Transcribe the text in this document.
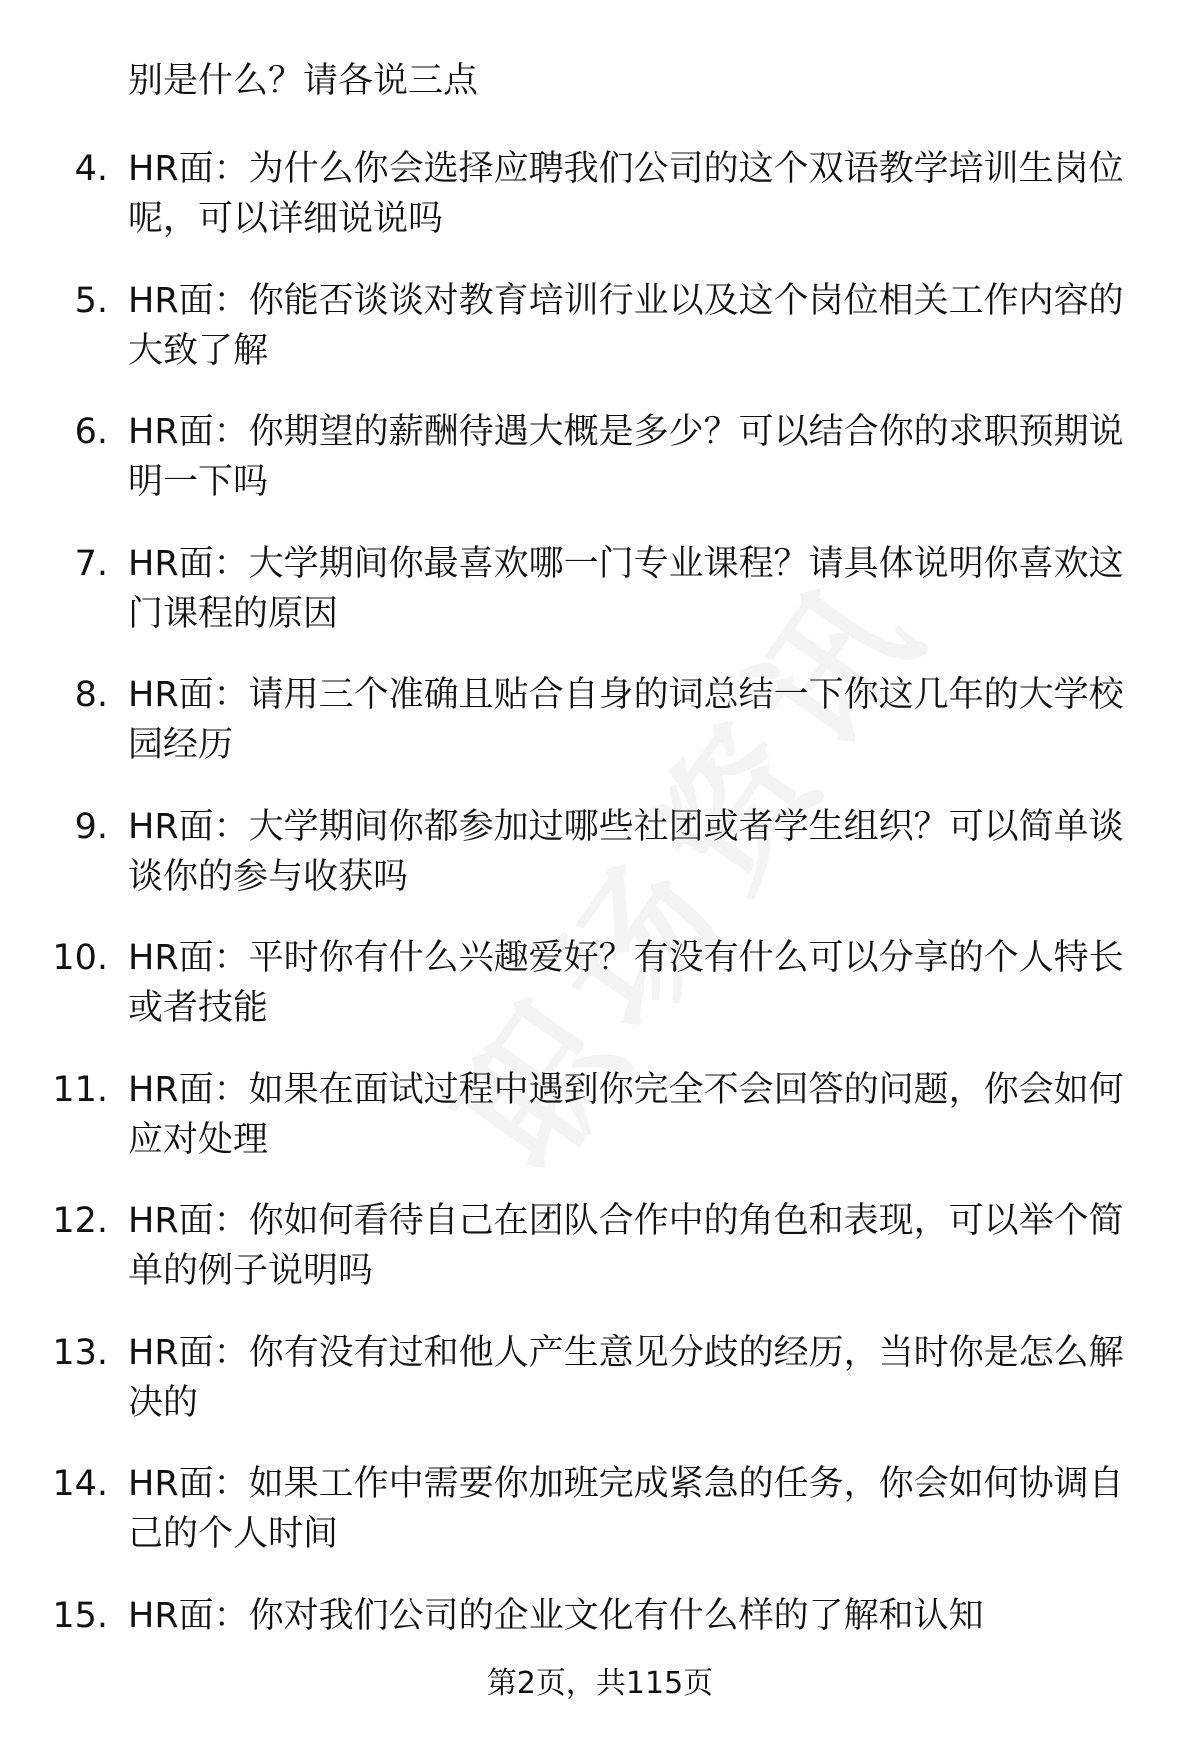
别是什么？请各说三点

4. HR面：为什么你会选择应聘我们公司的这个双语教学培训生岗位呢，可以详细说说吗
5. HR面：你能否谈谈对教育培训行业以及这个岗位相关工作内容的大致了解
6. HR面：你期望的薪酬待遇大概是多少？可以结合你的求职预期说明一下吗
7. HR面：大学期间你最喜欢哪一门专业课程？请具体说明你喜欢这门课程的原因
8. HR面：请用三个准确且贴合自身的词总结一下你这几年的大学校园经历
9. HR面：大学期间你都参加过哪些社团或者学生组织？可以简单谈谈你的参与收获吗
10. HR面：平时你有什么兴趣爱好？有没有什么可以分享的个人特长或者技能
11. HR面：如果在面试过程中遇到你完全不会回答的问题，你会如何应对处理
12. HR面：你如何看待自己在团队合作中的角色和表现，可以举个简单的例子说明吗
13. HR面：你有没有过和他人产生意见分歧的经历，当时你是怎么解决的
14. HR面：如果工作中需要你加班完成紧急的任务，你会如何协调自己的个人时间
15. HR面：你对我们公司的企业文化有什么样的了解和认知
第2页，共115页
